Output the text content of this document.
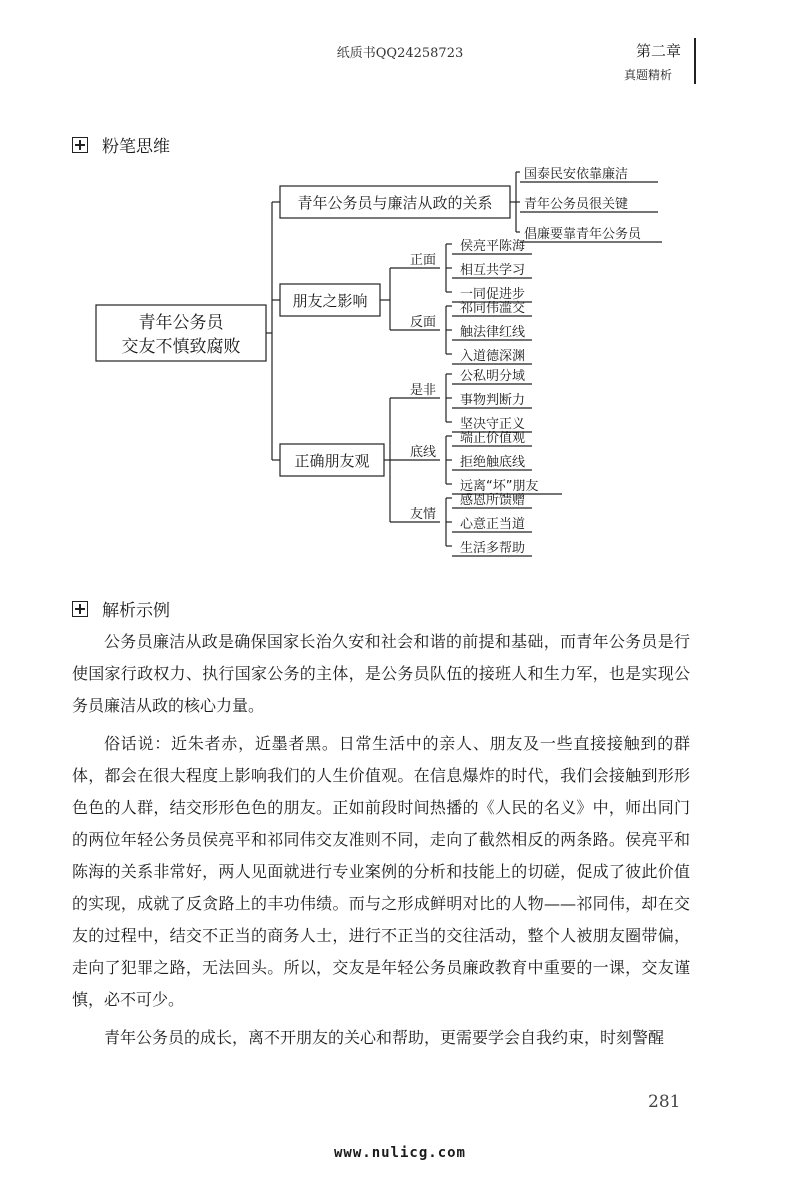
纸质书QQ24258723	第二章
真题精析
粉笔思维
青年公务员
交友不慎致腐败
青年公务员与廉洁从政的关系
朋友之影响
正确朋友观
国泰民安依靠廉洁
青年公务员很关键
倡廉要靠青年公务员
正面
反面
侯亮平陈海
相互共学习
一同促进步
祁同伟滥交
触法律红线
入道德深渊
是非
底线
友情
公私明分域
事物判断力
坚决守正义
端正价值观
拒绝触底线
远离“坏”朋友
感恩所馈赠
心意正当道
生活多帮助
解析示例

公务员廉洁从政是确保国家长治久安和社会和谐的前提和基础，而青年公务员是行使国家行政权力、执行国家公务的主体，是公务员队伍的接班人和生力军，也是实现公务员廉洁从政的核心力量。

俗话说：近朱者赤，近墨者黑。日常生活中的亲人、朋友及一些直接接触到的群体，都会在很大程度上影响我们的人生价值观。在信息爆炸的时代，我们会接触到形形色色的人群，结交形形色色的朋友。正如前段时间热播的《人民的名义》中，师出同门的两位年轻公务员侯亮平和祁同伟交友准则不同，走向了截然相反的两条路。侯亮平和陈海的关系非常好，两人见面就进行专业案例的分析和技能上的切磋，促成了彼此价值的实现，成就了反贪路上的丰功伟绩。而与之形成鲜明对比的人物——祁同伟，却在交友的过程中，结交不正当的商务人士，进行不正当的交往活动，整个人被朋友圈带偏，走向了犯罪之路，无法回头。所以，交友是年轻公务员廉政教育中重要的一课，交友谨慎，必不可少。

青年公务员的成长，离不开朋友的关心和帮助，更需要学会自我约束，时刻警醒

281
www.nulicg.com
